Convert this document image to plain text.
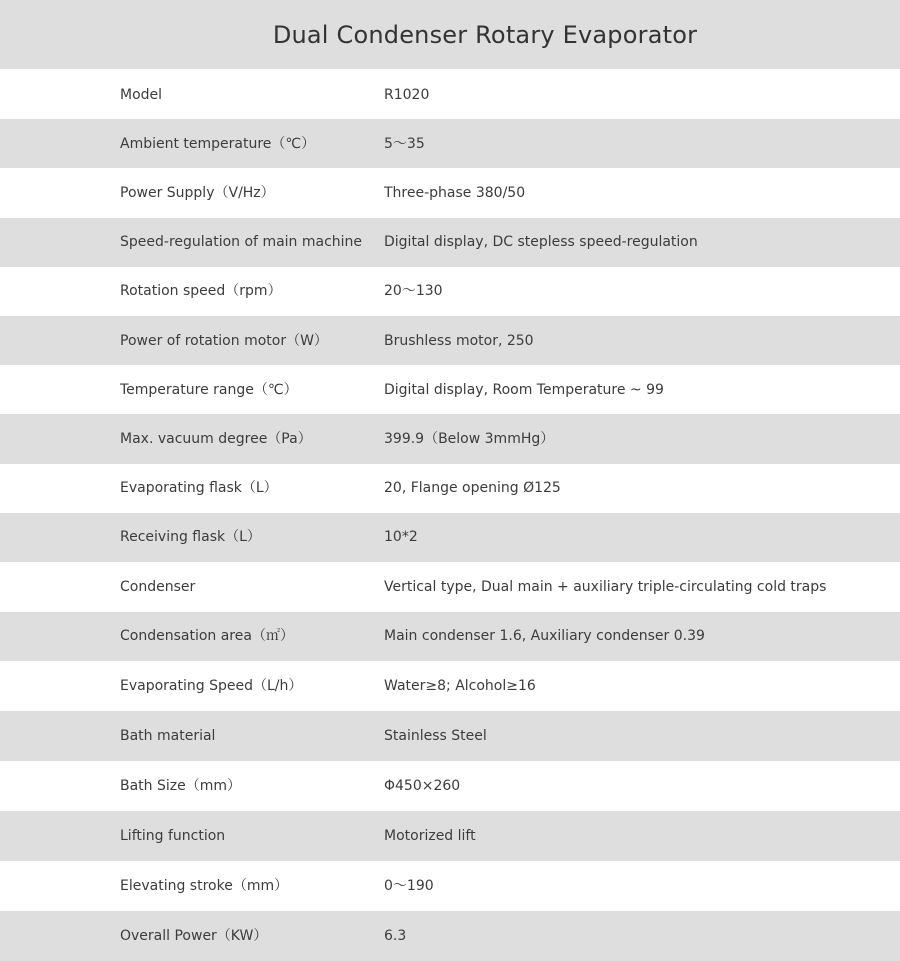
Dual Condenser Rotary Evaporator
Model	R1020
Ambient temperature（℃）	5～35
Power Supply（V/Hz）	Three-phase 380/50
Speed-regulation of main machine	Digital display, DC stepless speed-regulation
Rotation speed（rpm）	20～130
Power of rotation motor（W）	Brushless motor, 250
Temperature range（℃）	Digital display, Room Temperature ~ 99
Max. vacuum degree（Pa）	399.9（Below 3mmHg）
Evaporating flask（L）	20, Flange opening Ø125
Receiving flask（L）	10*2
Condenser	Vertical type, Dual main + auxiliary triple-circulating cold traps
Condensation area（㎡）	Main condenser 1.6, Auxiliary condenser 0.39
Evaporating Speed（L/h）	Water≥8; Alcohol≥16
Bath material	Stainless Steel
Bath Size（mm）	Φ450×260
Lifting function	Motorized lift
Elevating stroke（mm）	0～190
Overall Power（KW）	6.3
